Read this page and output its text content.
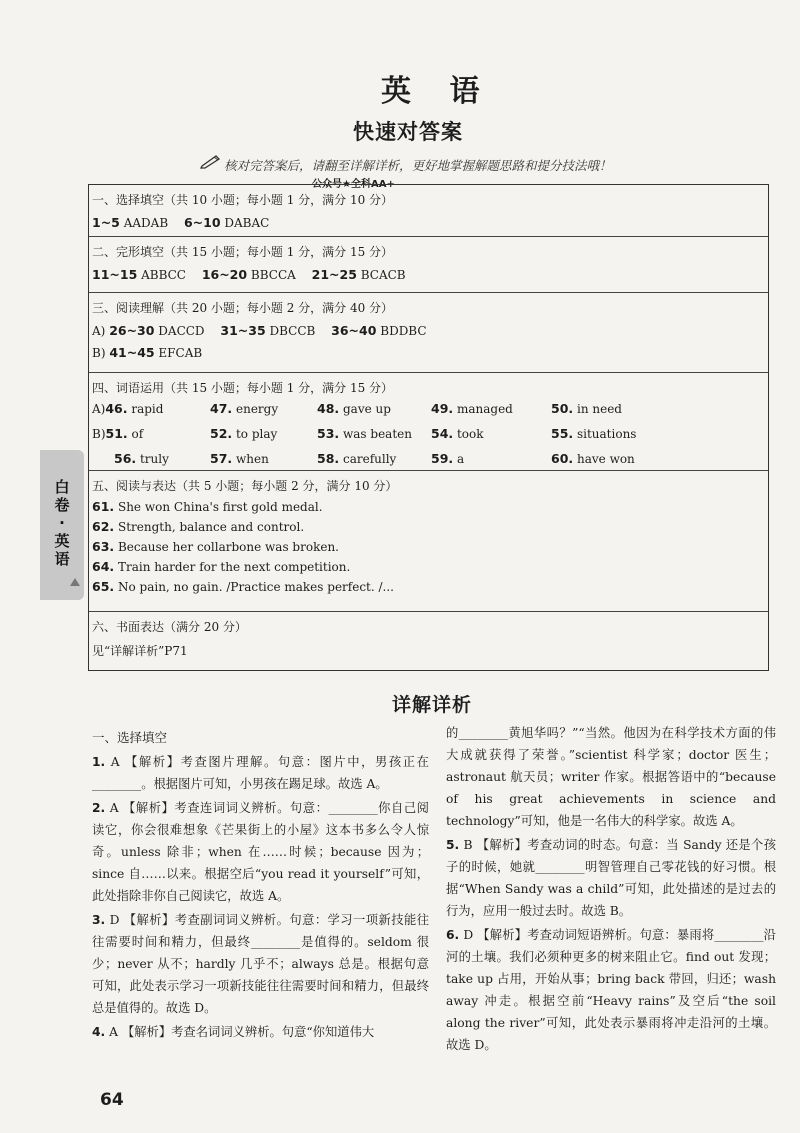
英 语
快速对答案
核对完答案后，请翻至详解详析，更好地掌握解题思路和提分技法哦！
公众号★全科AA+
一、选择填空（共 10 小题；每小题 1 分，满分 10 分）
1~5 AADAB 6~10 DABAC
二、完形填空（共 15 小题；每小题 1 分，满分 15 分）
11~15 ABBCC 16~20 BBCCA 21~25 BCACB
三、阅读理解（共 20 小题；每小题 2 分，满分 40 分）
A) 26~30 DACCD 31~35 DBCCB 36~40 BDDBC
B) 41~45 EFCAB
四、词语运用（共 15 小题；每小题 1 分，满分 15 分）
A)46. rapid	47. energy	48. gave up	49. managed	50. in need
B)51. of	52. to play	53. was beaten 54. took	55. situations
56. truly	57. when	58. carefully	59. a	60. have won
五、阅读与表达（共 5 小题；每小题 2 分，满分 10 分）
61. She won China's first gold medal.
62. Strength, balance and control.
63. Because her collarbone was broken.
64. Train harder for the next competition.
65. No pain, no gain. /Practice makes perfect. /...
六、书面表达（满分 20 分）
见“详解详析”P71
白
卷
·
英
语
详解详析

一、选择填空

1. A 【解析】考查图片理解。句意：图片中，男孩正在________。根据图片可知，小男孩在踢足球。故选 A。

2. A 【解析】考查连词词义辨析。句意：________你自己阅读它，你会很难想象《芒果街上的小屋》这本书多么令人惊奇。unless 除非；when 在……时候；because 因为；since 自……以来。根据空后“you read it yourself”可知，此处指除非你自己阅读它，故选 A。

3. D 【解析】考查副词词义辨析。句意：学习一项新技能往往需要时间和精力，但最终________是值得的。seldom 很少；never 从不；hardly 几乎不；always 总是。根据句意可知，此处表示学习一项新技能往往需要时间和精力，但最终总是值得的。故选 D。

4. A 【解析】考查名词词义辨析。句意“你知道伟大

的________黄旭华吗？”“当然。他因为在科学技术方面的伟大成就获得了荣誉。”scientist 科学家；doctor 医生；astronaut 航天员；writer 作家。根据答语中的“because of his great achievements in science and technology”可知，他是一名伟大的科学家。故选 A。

5. B 【解析】考查动词的时态。句意：当 Sandy 还是个孩子的时候，她就________明智管理自己零花钱的好习惯。根据“When Sandy was a child”可知，此处描述的是过去的行为，应用一般过去时。故选 B。

6. D 【解析】考查动词短语辨析。句意：暴雨将________沿河的土壤。我们必须种更多的树来阻止它。find out 发现；take up 占用，开始从事；bring back 带回，归还；wash away 冲走。根据空前“Heavy rains”及空后“the soil along the river”可知，此处表示暴雨将冲走沿河的土壤。故选 D。

64
